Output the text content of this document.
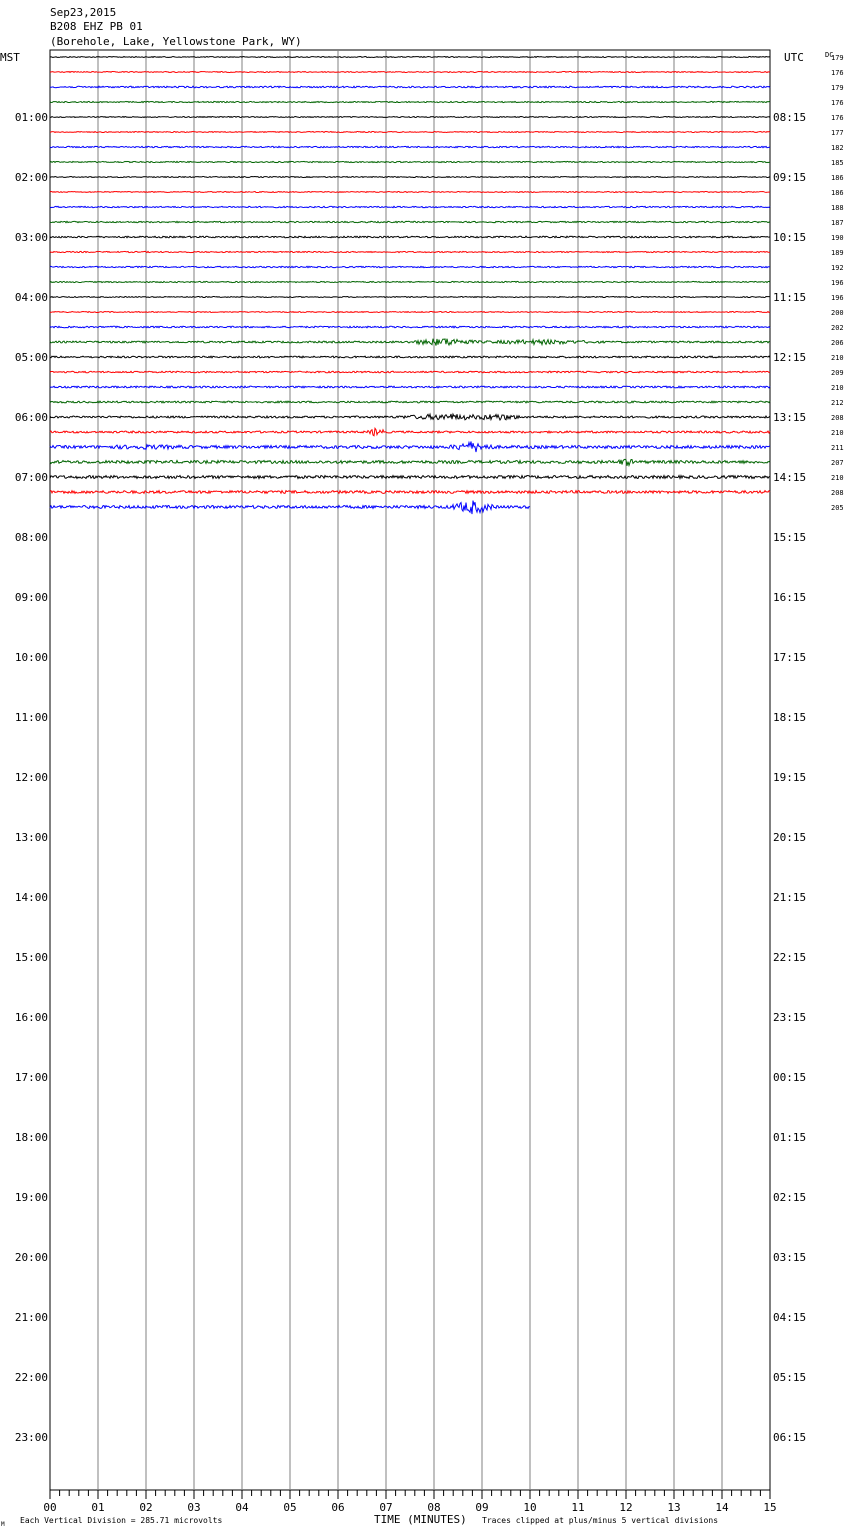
Sep23,2015
B208 EHZ PB 01
(Borehole, Lake, Yellowstone Park, WY)
MST	UTC	DC
01:00
02:00
03:00
04:00
05:00
06:00
07:00
08:00
09:00
10:00
11:00
12:00
13:00
14:00
15:00
16:00
17:00
18:00
19:00
20:00
21:00
22:00
23:00
08:15
09:15
10:15
11:15
12:15
13:15
14:15
15:15
16:15
17:15
18:15
19:15
20:15
21:15
22:15
23:15
00:15
01:15
02:15
03:15
04:15
05:15
06:15
179
176
179
176
176
177
182
185
186
186
188
187
190
189
192
196
196
200
202
206
210
209
210
212
208
210
211
207
210
208
205
00	01	02	03	04	05	06	07	08	09	10	11	12	13	14	15
M Each Vertical Division = 285.71 microvolts	TIME (MINUTES) Traces clipped at plus/minus 5 vertical divisions
